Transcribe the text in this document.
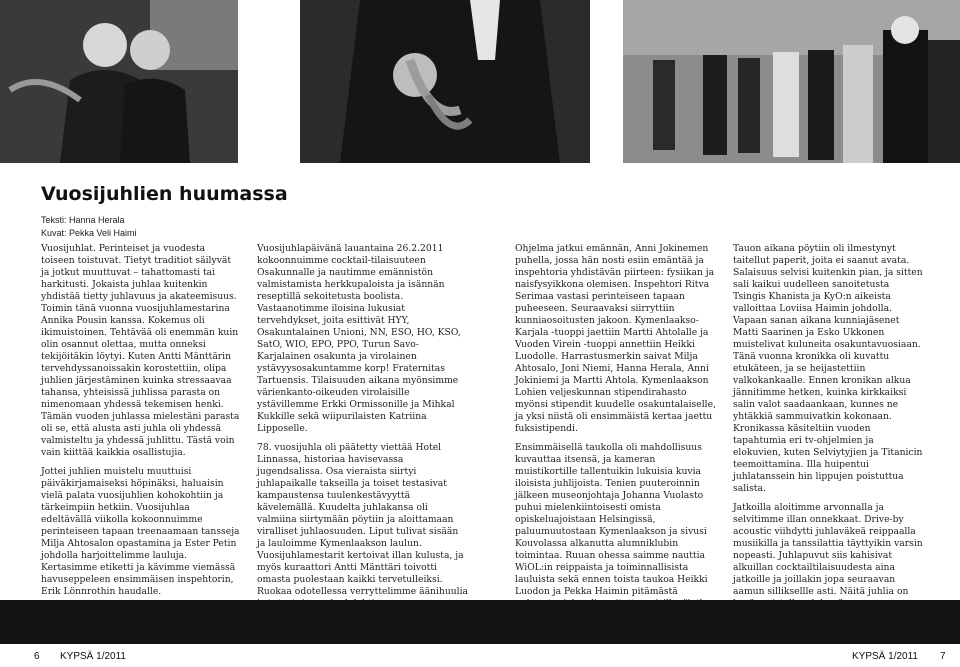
Vuosijuhlien huumassa
Teksti: Hanna Herala
Kuvat: Pekka Veli Haimi

Vuosijuhlat. Perinteiset ja vuodesta toiseen toistuvat. Tietyt traditiot säilyvät ja jotkut muuttuvat – tahattomasti tai harkitusti. Jokaista juhlaa kuitenkin yhdistää tietty juhlavuus ja akateemisuus. Toimin tänä vuonna vuosijuhlamestarina Annika Pousin kanssa. Kokemus oli ikimuistoinen. Tehtävää oli enemmän kuin olin osannut olettaa, mutta onneksi tekijöitäkin löytyi. Kuten Antti Mänttärin tervehdyssanoissakin korostettiin, olipa juhlien järjestäminen kuinka stressaavaa tahansa, yhteisissä juhlissa parasta on nimenomaan yhdessä tekemisen henki. Tämän vuoden juhlassa mielestäni parasta oli se, että alusta asti juhla oli yhdessä valmisteltu ja yhdessä juhlittu. Tästä voin vain kiittää kaikkia osallistujia.

Jottei juhlien muistelu muuttuisi päiväkirjamaiseksi höpinäksi, haluaisin vielä palata vuosijuhlien kohokohtiin ja tärkeimpiin hetkiin. Vuosijuhlaa edeltävällä viikolla kokoonnuimme perinteiseen tapaan treenaamaan tansseja Milja Ahtosalon opastamina ja Ester Petin johdolla harjoittelimme lauluja. Kertasimme etiketti ja kävimme viemässä havuseppeleen ensimmäisen inspehtorin, Erik Lönnrothin haudalle.

Vuosijuhlapäivänä lauantaina 26.2.2011 kokoonnuimme cocktail-tilaisuuteen Osakunnalle ja nautimme emännistön valmistamista herkkupaloista ja isännän reseptillä sekoitetusta boolista. Vastaanotimme iloisina lukusiat tervehdykset, joita esittivät HYY, Osakuntalainen Unioni, NN, ESO, HO, KSO, SatO, WIO, EPO, PPO, Turun Savo-Karjalainen osakunta ja virolainen ystävyysosakuntamme korp! Fraternitas Tartuensis. Tilaisuuden aikana myönsimme värienkanto-oikeuden virolaisille ystävillemme Erkki Ormissonille ja Mihkal Kukkille sekä wiipurilaisten Katriina Lipposelle.

78. vuosijuhla oli päätetty viettää Hotel Linnassa, historiaa havisevassa jugendsalissa. Osa vieraista siirtyi juhlapaikalle takseilla ja toiset testasivat kampaustensa tuulenkestävyyttä kävelemällä. Kuudelta juhlakansa oli valmiina siirtymään pöytiin ja aloittamaan viralliset juhlaosuuden. Liput tulivat sisään ja lauloimme Kymenlaakson laulun. Vuosijuhlamestarit kertoivat illan kulusta, ja myös kuraattori Antti Mänttäri toivotti omasta puolestaan kaikki tervetulleiksi. Ruokaa odotellessa verryttelimme äänihuulia

Ohjelma jatkui emännän, Anni Jokinemen puhella, jossa hän nosti esiin emäntää ja inspehtoria yhdistävän piirteen: fysiikan ja naisfysyikkona olemisen. Inspehtori Ritva Serimaa vastasi perinteiseen tapaan puheeseen. Seuraavaksi siirryttiin kunniaosoitusten jakoon. Kymenlaakso-Karjala -tuoppi jaettiin Martti Ahtolalle ja Vuoden Virein -tuoppi annettiin Heikki Luodolle. Harrastusmerkin saivat Milja Ahtosalo, Joni Niemi, Hanna Herala, Anni Jokiniemi ja Martti Ahtola. Kymenlaakson Lohien veljeskunnan stipendirahasto myönsi stipendit kuudelle osakuntalaiselle, ja yksi niistä oli ensimmäistä kertaa jaettu fuksistipendi.

Ensimmäisellä taukolla oli mahdollisuus kuvauttaa itsensä, ja kameran muistikortille tallentuikin lukuisia kuvia iloisista juhlijoista. Tenien puuteroinnin jälkeen museonjohtaja Johanna Vuolasto puhui mielenkiintoisesti omista opiskeluajoistaan Helsingissä, paluumuutostaan Kymenlaakson ja sivusi Kouvolassa alkanutta alumniklubin toimintaa. Ruuan ohessa saimme nauttia WiOL:in reippaista ja toiminnallisista lauluista sekä ennen toista taukoa Heikki Luodon ja Pekka Haimin pitämästä

Tauon aikana pöytiin oli ilmestynyt taitellut paperit, joita ei saanut avata. Salaisuus selvisi kuitenkin pian, ja sitten sali kaikui uudelleen sanoitetusta Tsingis Khanista ja KyO:n aikeista valloittaa Loviisa Haimin johdolla. Vapaan sanan aikana kunniajäsenet Matti Saarinen ja Esko Ukkonen muistelivat kuluneita osakuntavuosiaan. Tänä vuonna kronikka oli kuvattu etukäteen, ja se heijastettiin valkokankaalle. Ennen kronikan alkua jännitimme hetken, kuinka kirkkaiksi salin valot saadaankaan, kunnes ne yhtäkkiä sammuivatkin kokonaan. Kronikassa käsiteltiin vuoden tapahtumia eri tv-ohjelmien ja elokuvien, kuten Selviytyjien ja Titanicin teemoittamina. Illa huipentui juhlatanssein hin lippujen poistuttua salista.

Jatkoilla aloitimme arvonnalla ja selvitimme illan onnekkaat. Drive-by acoustic viihdytti juhlaväkeä reippaalla musiikilla ja tanssilattia täyttyikin varsin nopeasti. Juhlapuvut siis kahisivat alkuillan cocktailtilaisuudesta aina jatkoille ja joillakin jopa seuraavan aamun silliksellle asti. Näitä juhlia on

6 KYPSÄ 1/2011	KYPSÄ 1/2011 7
